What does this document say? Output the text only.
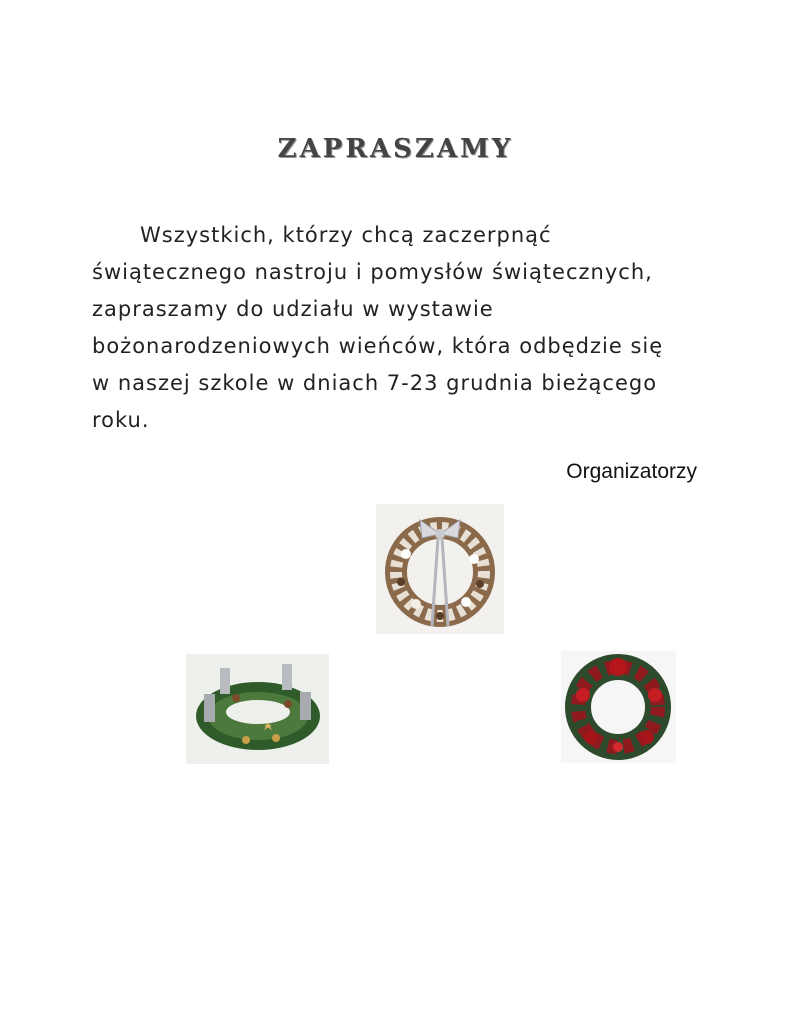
ZAPRASZAMY
Wszystkich, którzy chcą zaczerpnąć
świątecznego nastroju i pomysłów świątecznych,
zapraszamy do udziału w wystawie
bożonarodzeniowych wieńców, która odbędzie się
w naszej szkole w dniach 7-23 grudnia bieżącego
roku.
Organizatorzy
